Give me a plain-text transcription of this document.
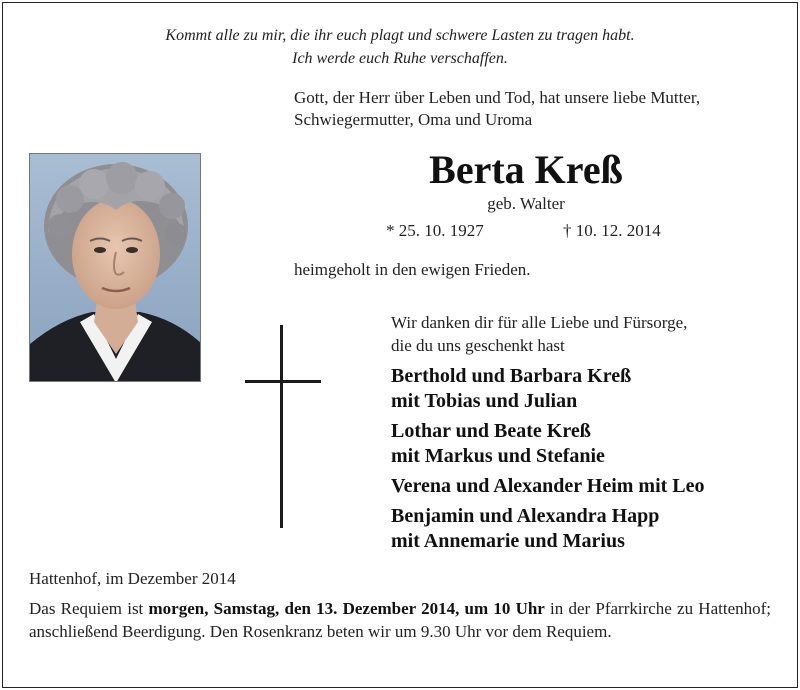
Kommt alle zu mir, die ihr euch plagt und schwere Lasten zu tragen habt.
Ich werde euch Ruhe verschaffen.
Gott, der Herr über Leben und Tod, hat unsere liebe Mutter,
Schwiegermutter, Oma und Uroma
Berta Kreß
geb. Walter
* 25. 10. 1927	† 10. 12. 2014
heimgeholt in den ewigen Frieden.
Wir danken dir für alle Liebe und Fürsorge,
die du uns geschenkt hast
Berthold und Barbara Kreß
mit Tobias und Julian
Lothar und Beate Kreß
mit Markus und Stefanie
Verena und Alexander Heim mit Leo
Benjamin und Alexandra Happ
mit Annemarie und Marius
Hattenhof, im Dezember 2014
Das Requiem ist morgen, Samstag, den 13. Dezember 2014, um 10 Uhr in der Pfarrkirche zu Hattenhof; anschließend Beerdigung. Den Rosenkranz beten wir um 9.30 Uhr vor dem Requiem.
